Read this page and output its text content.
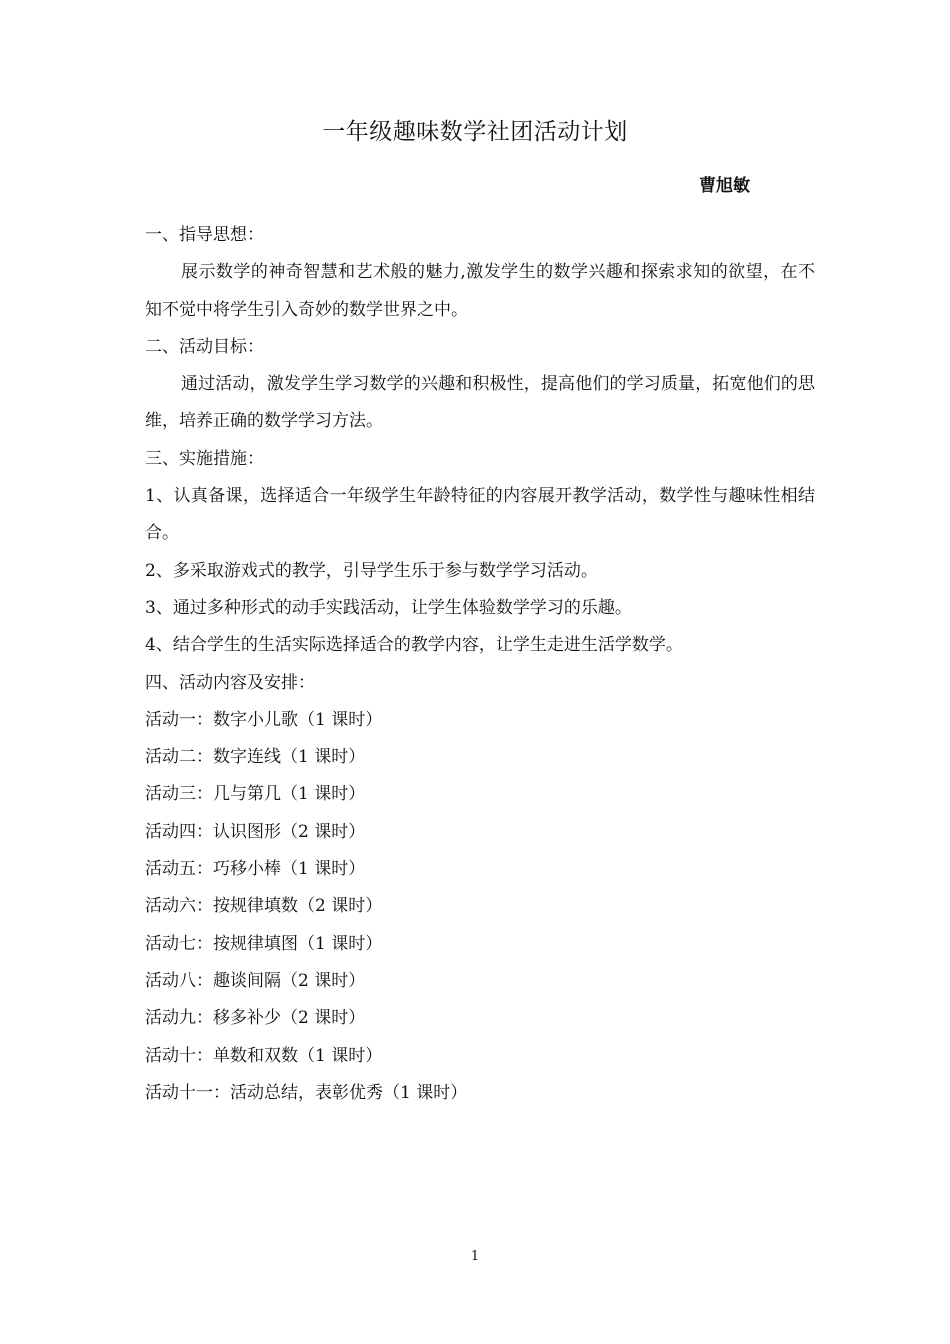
一年级趣味数学社团活动计划
曹旭敏

一、指导思想：

展示数学的神奇智慧和艺术般的魅力,激发学生的数学兴趣和探索求知的欲望，在不知不觉中将学生引入奇妙的数学世界之中。

二、活动目标：

通过活动，激发学生学习数学的兴趣和积极性，提高他们的学习质量，拓宽他们的思维，培养正确的数学学习方法。

三、实施措施：

1、认真备课，选择适合一年级学生年龄特征的内容展开教学活动，数学性与趣味性相结合。

2、多采取游戏式的教学，引导学生乐于参与数学学习活动。

3、通过多种形式的动手实践活动，让学生体验数学学习的乐趣。

4、结合学生的生活实际选择适合的教学内容，让学生走进生活学数学。

四、活动内容及安排：

活动一：数字小儿歌（1 课时）

活动二：数字连线（1 课时）

活动三：几与第几（1 课时）

活动四：认识图形（2 课时）

活动五：巧移小棒（1 课时）

活动六：按规律填数（2 课时）

活动七：按规律填图（1 课时）

活动八：趣谈间隔（2 课时）

活动九：移多补少（2 课时）

活动十：单数和双数（1 课时）

活动十一：活动总结，表彰优秀（1 课时）

1
